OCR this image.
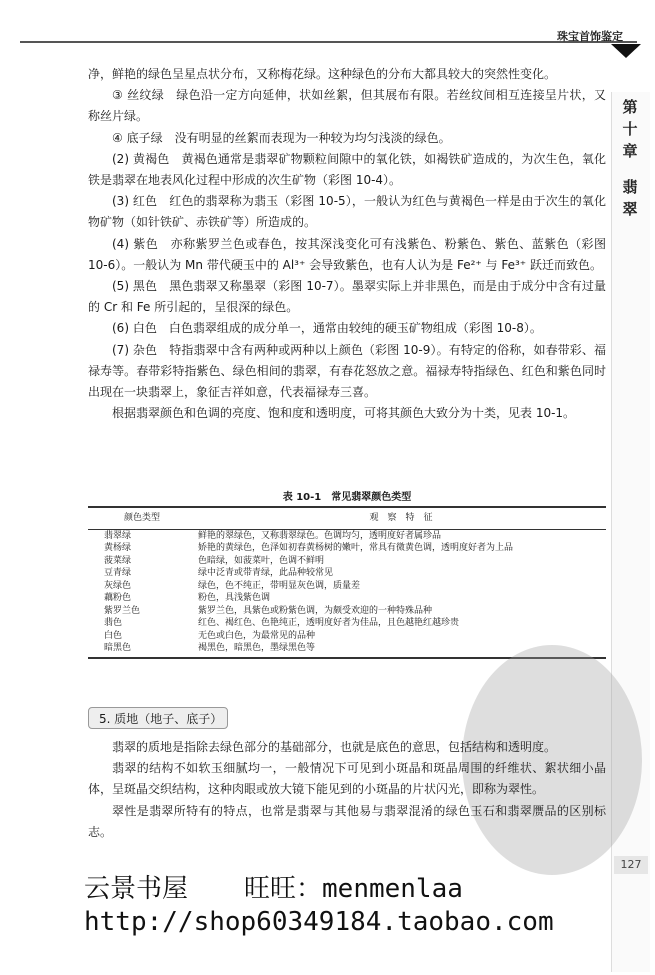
珠宝首饰鉴定
第
十
章
翡
翠

净，鲜艳的绿色呈星点状分布，又称梅花绿。这种绿色的分布大都具较大的突然性变化。

③ 丝纹绿　绿色沿一定方向延伸，状如丝絮，但其展布有限。若丝纹间相互连接呈片状，又称丝片绿。

④ 底子绿　没有明显的丝絮而表现为一种较为均匀浅淡的绿色。

(2) 黄褐色　黄褐色通常是翡翠矿物颗粒间隙中的氧化铁，如褐铁矿造成的，为次生色，氧化铁是翡翠在地表风化过程中形成的次生矿物（彩图 10-4）。

(3) 红色　红色的翡翠称为翡玉（彩图 10-5），一般认为红色与黄褐色一样是由于次生的氧化物矿物（如针铁矿、赤铁矿等）所造成的。

(4) 紫色　亦称紫罗兰色或春色，按其深浅变化可有浅紫色、粉紫色、紫色、蓝紫色（彩图 10-6）。一般认为 Mn 带代硬玉中的 Al³⁺ 会导致紫色，也有人认为是 Fe²⁺ 与 Fe³⁺ 跃迁而致色。

(5) 黑色　黑色翡翠又称墨翠（彩图 10-7）。墨翠实际上并非黑色，而是由于成分中含有过量的 Cr 和 Fe 所引起的，呈很深的绿色。

(6) 白色　白色翡翠组成的成分单一，通常由较纯的硬玉矿物组成（彩图 10-8）。

(7) 杂色　特指翡翠中含有两种或两种以上颜色（彩图 10-9）。有特定的俗称，如春带彩、福禄寿等。春带彩特指紫色、绿色相间的翡翠，有春花怒放之意。福禄寿特指绿色、红色和紫色同时出现在一块翡翠上，象征吉祥如意，代表福禄寿三喜。

根据翡翠颜色和色调的亮度、饱和度和透明度，可将其颜色大致分为十类，见表 10-1。

表 10-1　常见翡翠颜色类型
颜色类型	观　察　特　征
翡翠绿	鲜艳的翠绿色，又称翡翠绿色。色调均匀，透明度好者属珍品
黄杨绿	娇艳的黄绿色，色泽如初春黄杨树的嫩叶，常具有微黄色调，透明度好者为上品
菠菜绿	色暗绿，如菠菜叶，色调不鲜明
豆青绿	绿中泛青或带青绿，此品种较常见
灰绿色	绿色，色不纯正，带明显灰色调，质量差
藕粉色	粉色，具浅紫色调
紫罗兰色	紫罗兰色，具紫色或粉紫色调，为颇受欢迎的一种特殊品种
翡色	红色、褐红色、色艳纯正，透明度好者为佳品，且色越艳红越珍贵
白色	无色或白色，为最常见的品种
暗黑色	褐黑色，暗黑色，墨绿黑色等
5. 质地（地子、底子）

翡翠的质地是指除去绿色部分的基础部分，也就是底色的意思，包括结构和透明度。

翡翠的结构不如软玉细腻均一，一般情况下可见到小斑晶和斑晶周围的纤维状、絮状细小晶体，呈斑晶交织结构，这种肉眼或放大镜下能见到的小斑晶的片状闪光，即称为翠性。

翠性是翡翠所特有的特点，也常是翡翠与其他易与翡翠混淆的绿色玉石和翡翠赝品的区别标志。

127
云景书屋 旺旺：menmenlaa
http://shop60349184.taobao.com
